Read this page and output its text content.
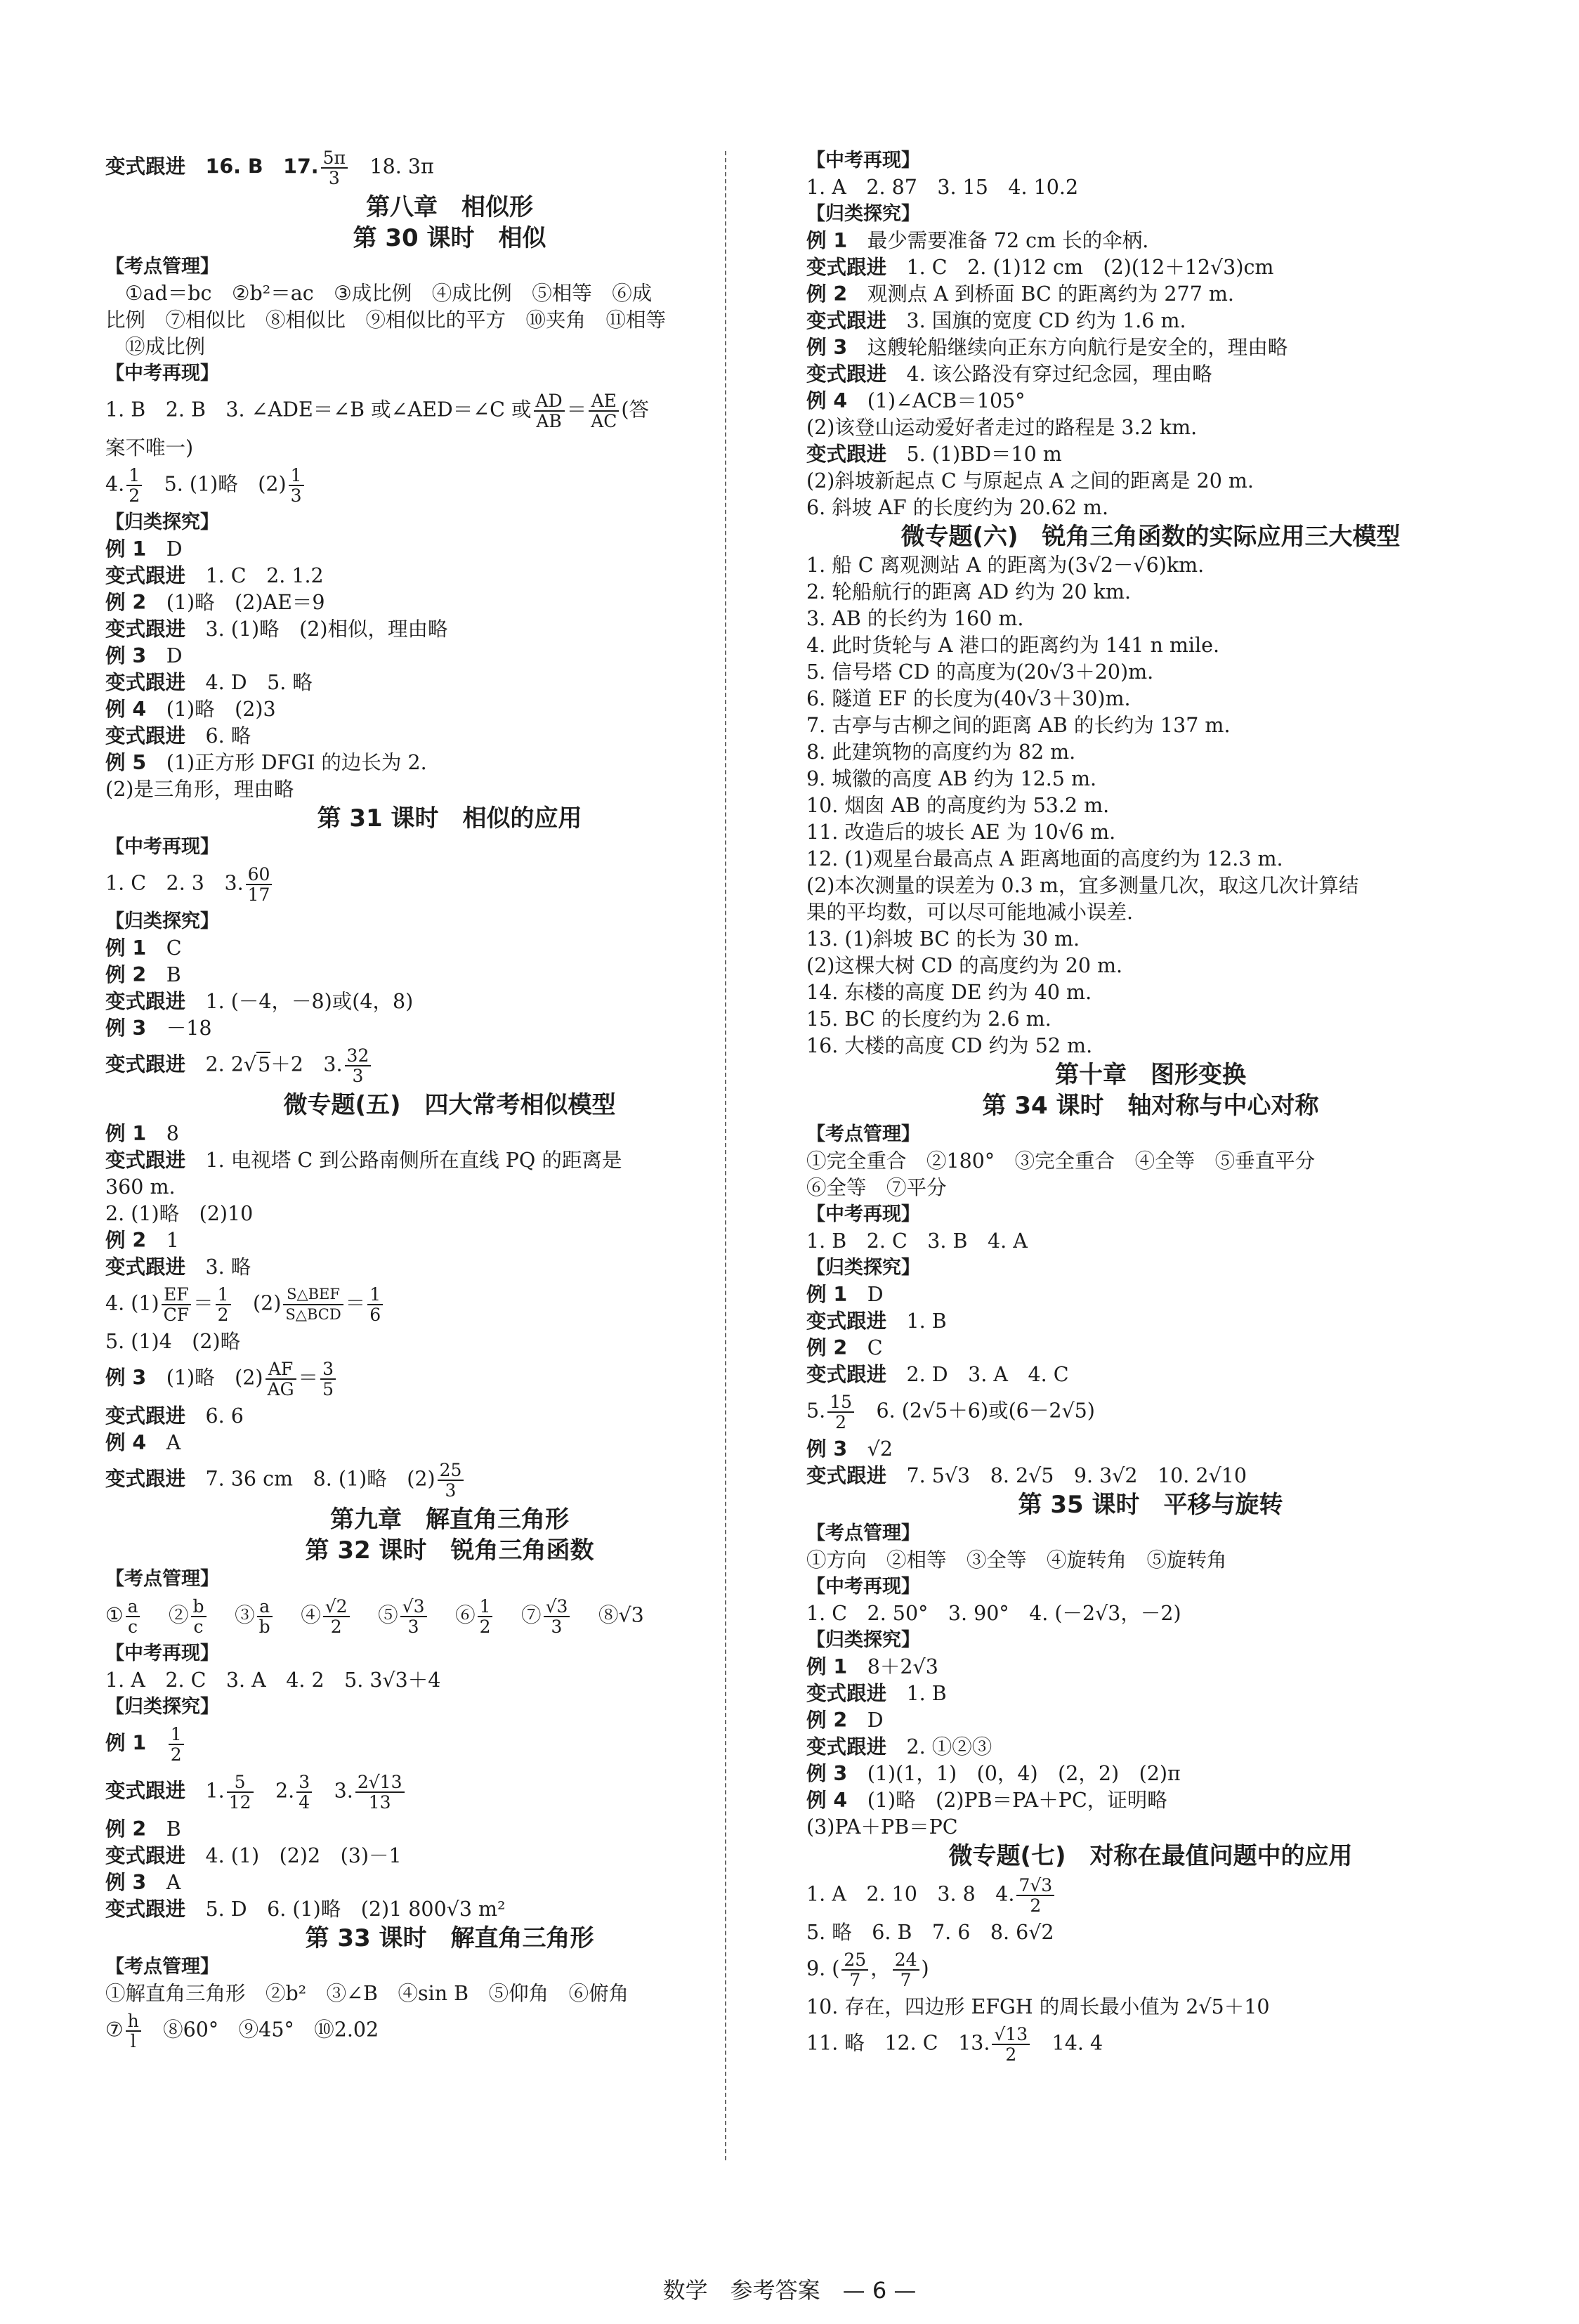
变式跟进　16. B　17. $\frac{5\pi}{3}$ 　18. 3π
第八章　相似形
第 30 课时　相似
【考点管理】
①ad＝bc　②b²＝ac　③成比例　④成比例　⑤相等　⑥成
比例　⑦相似比　⑧相似比　⑨相似比的平方　⑩夹角　⑪相等
⑫成比例
【中考再现】
1. B　2. B　3. ∠ADE＝∠B 或∠AED＝∠C 或 $\frac{AD}{AB} = \frac{AE}{AC}$ (答
案不唯一)
4. $\frac{1}{2}$ 　5. (1)略　$(2) \frac{1}{3}$
【归类探究】
例 1　D
变式跟进　1. C　2. 1.2
例 2　(1)略　(2)AE＝9
变式跟进　3. (1)略　(2)相似，理由略
例 3　D
变式跟进　4. D　5. 略
例 4　(1)略　(2)3
变式跟进　6. 略
例 5　(1)正方形 DFGI 的边长为 2.
(2)是三角形，理由略
第 31 课时　相似的应用
【中考再现】
1. C　2. 3　3. $\frac{60}{17}$
【归类探究】
例 1　C
例 2　B
变式跟进　1. (－4，－8)或(4，8)
例 3　－18
变式跟进　2. 2√5＋2　3. $\frac{32}{3}$
微专题(五)　四大常考相似模型
例 1　8
变式跟进　1. 电视塔 C 到公路南侧所在直线 PQ 的距离是
360 m.
2. (1)略　(2)10
例 2　1
变式跟进　3. 略
4. $(1) \frac{EF}{CF} = \frac{1}{2}$ 　$(2) \frac{\text{S△BEF}}{\text{S△BCD}} = \frac{1}{6}$
5. (1)4　(2)略
例 3　(1)略　$(2) \frac{AF}{AG} = \frac{3}{5}$
变式跟进　6. 6
例 4　A
变式跟进　7. 36 cm　8. (1)略　$(2) \frac{25}{3}$
第九章　解直角三角形
第 32 课时　锐角三角函数
【考点管理】
① $\frac{a}{c}$ 　② $\frac{b}{c}$ 　③ $\frac{a}{b}$ 　④ $\frac{√2}{2}$ 　⑤ $\frac{√3}{3}$ 　⑥ $\frac{1}{2}$ 　⑦ $\frac{√3}{3}$ 　⑧√3
【中考再现】
1. A　2. C　3. A　4. 2　5. 3√3＋4
【归类探究】
例 1　 $\frac{1}{2}$
变式跟进　1. $\frac{5}{12}$ 　2. $\frac{3}{4}$ 　3. $\frac{2√13}{13}$
例 2　B
变式跟进　4. (1)　(2)2　(3)－1
例 3　A
变式跟进　5. D　6. (1)略　(2)1 800√3 m²
第 33 课时　解直角三角形
【考点管理】
①解直角三角形　②b²　③∠B　④sin B　⑤仰角　⑥俯角
⑦ $\frac{h}{l}$ 　⑧60°　⑨45°　⑩2.02
【中考再现】
1. A　2. 87　3. 15　4. 10.2
【归类探究】
例 1　最少需要准备 72 cm 长的伞柄.
变式跟进　1. C　2. (1)12 cm　(2)(12＋12√3)cm
例 2　观测点 A 到桥面 BC 的距离约为 277 m.
变式跟进　3. 国旗的宽度 CD 约为 1.6 m.
例 3　这艘轮船继续向正东方向航行是安全的，理由略
变式跟进　4. 该公路没有穿过纪念园，理由略
例 4　(1)∠ACB＝105°
(2)该登山运动爱好者走过的路程是 3.2 km.
变式跟进　5. (1)BD＝10 m
(2)斜坡新起点 C 与原起点 A 之间的距离是 20 m.
6. 斜坡 AF 的长度约为 20.62 m.
微专题(六)　锐角三角函数的实际应用三大模型
1. 船 C 离观测站 A 的距离为(3√2－√6)km.
2. 轮船航行的距离 AD 约为 20 km.
3. AB 的长约为 160 m.
4. 此时货轮与 A 港口的距离约为 141 n mile.
5. 信号塔 CD 的高度为(20√3＋20)m.
6. 隧道 EF 的长度为(40√3＋30)m.
7. 古亭与古柳之间的距离 AB 的长约为 137 m.
8. 此建筑物的高度约为 82 m.
9. 城徽的高度 AB 约为 12.5 m.
10. 烟囱 AB 的高度约为 53.2 m.
11. 改造后的坡长 AE 为 10√6 m.
12. (1)观星台最高点 A 距离地面的高度约为 12.3 m.
(2)本次测量的误差为 0.3 m，宜多测量几次，取这几次计算结
果的平均数，可以尽可能地减小误差.
13. (1)斜坡 BC 的长为 30 m.
(2)这棵大树 CD 的高度约为 20 m.
14. 东楼的高度 DE 约为 40 m.
15. BC 的长度约为 2.6 m.
16. 大楼的高度 CD 约为 52 m.
第十章　图形变换
第 34 课时　轴对称与中心对称
【考点管理】
①完全重合　②180°　③完全重合　④全等　⑤垂直平分
⑥全等　⑦平分
【中考再现】
1. B　2. C　3. B　4. A
【归类探究】
例 1　D
变式跟进　1. B
例 2　C
变式跟进　2. D　3. A　4. C
5. $\frac{15}{2}$ 　6. (2√5＋6)或(6－2√5)
例 3　√2
变式跟进　7. 5√3　8. 2√5　9. 3√2　10. 2√10
第 35 课时　平移与旋转
【考点管理】
①方向　②相等　③全等　④旋转角　⑤旋转角
【中考再现】
1. C　2. 50°　3. 90°　4. (－2√3，－2)
【归类探究】
例 1　8＋2√3
变式跟进　1. B
例 2　D
变式跟进　2. ①②③
例 3　(1)(1，1)　(0，4)　(2，2)　(2)π
例 4　(1)略　(2)PB＝PA＋PC，证明略
(3)PA＋PB＝PC
微专题(七)　对称在最值问题中的应用
1. A　2. 10　3. 8　4. $\frac{7√3}{2}$
5. 略　6. B　7. 6　8. 6√2
9. ( $\frac{25}{7}$ ， $\frac{24}{7}$ )
10. 存在，四边形 EFGH 的周长最小值为 2√5＋10
11. 略　12. C　13. $\frac{√13}{2}$ 　14. 4
数学　参考答案　— 6 —
